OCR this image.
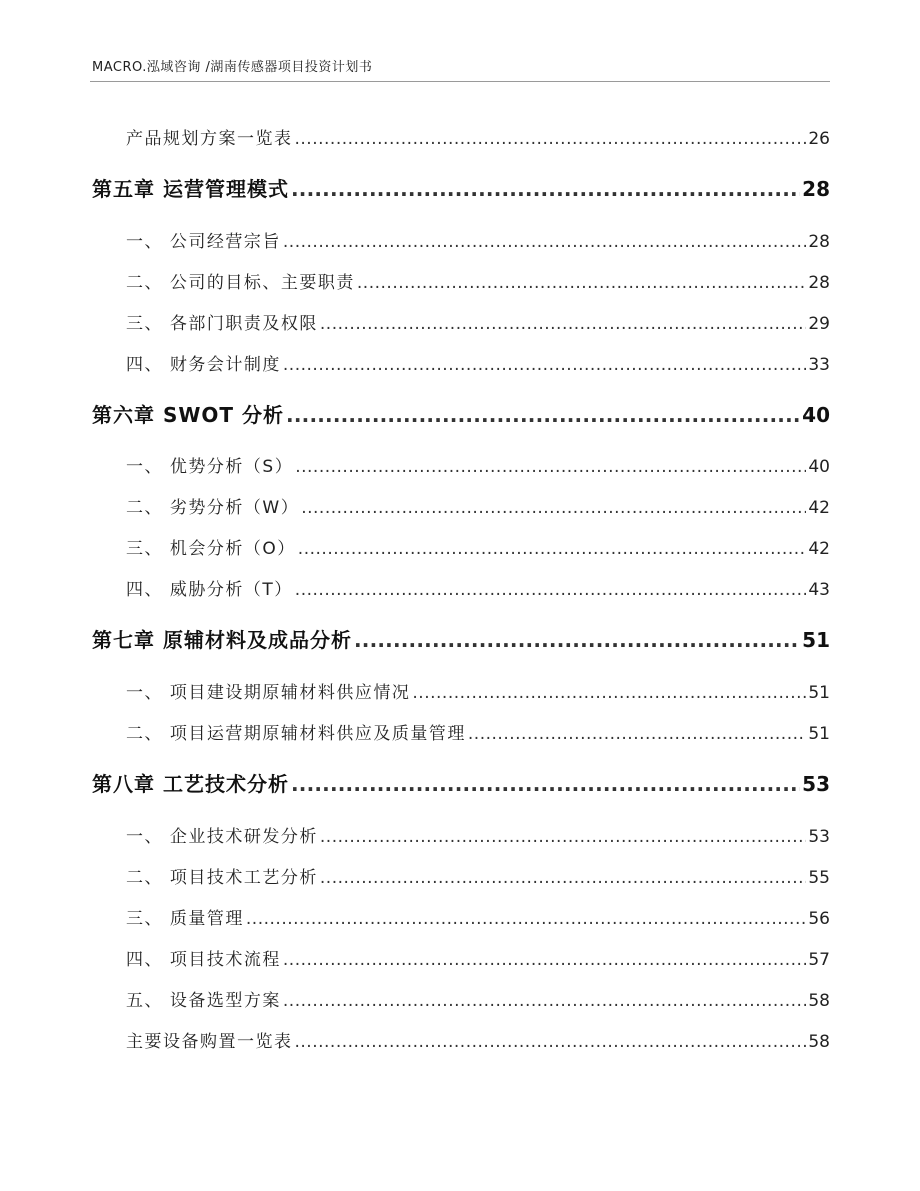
MACRO.泓域咨询 /湖南传感器项目投资计划书
产品规划方案一览表 .....	26
第五章 运营管理模式 .....	28
一、 公司经营宗旨 .....	28
二、 公司的目标、主要职责 .....	28
三、 各部门职责及权限 .....	29
四、 财务会计制度 .....	33
第六章 SWOT 分析 .....	40
一、 优势分析（S） .....	40
二、 劣势分析（W） .....	42
三、 机会分析（O） .....	42
四、 威胁分析（T） .....	43
第七章 原辅材料及成品分析 .....	51
一、 项目建设期原辅材料供应情况 .....	51
二、 项目运营期原辅材料供应及质量管理 .....	51
第八章 工艺技术分析 .....	53
一、 企业技术研发分析 .....	53
二、 项目技术工艺分析 .....	55
三、 质量管理 .....	56
四、 项目技术流程 .....	57
五、 设备选型方案 .....	58
主要设备购置一览表 .....	58
